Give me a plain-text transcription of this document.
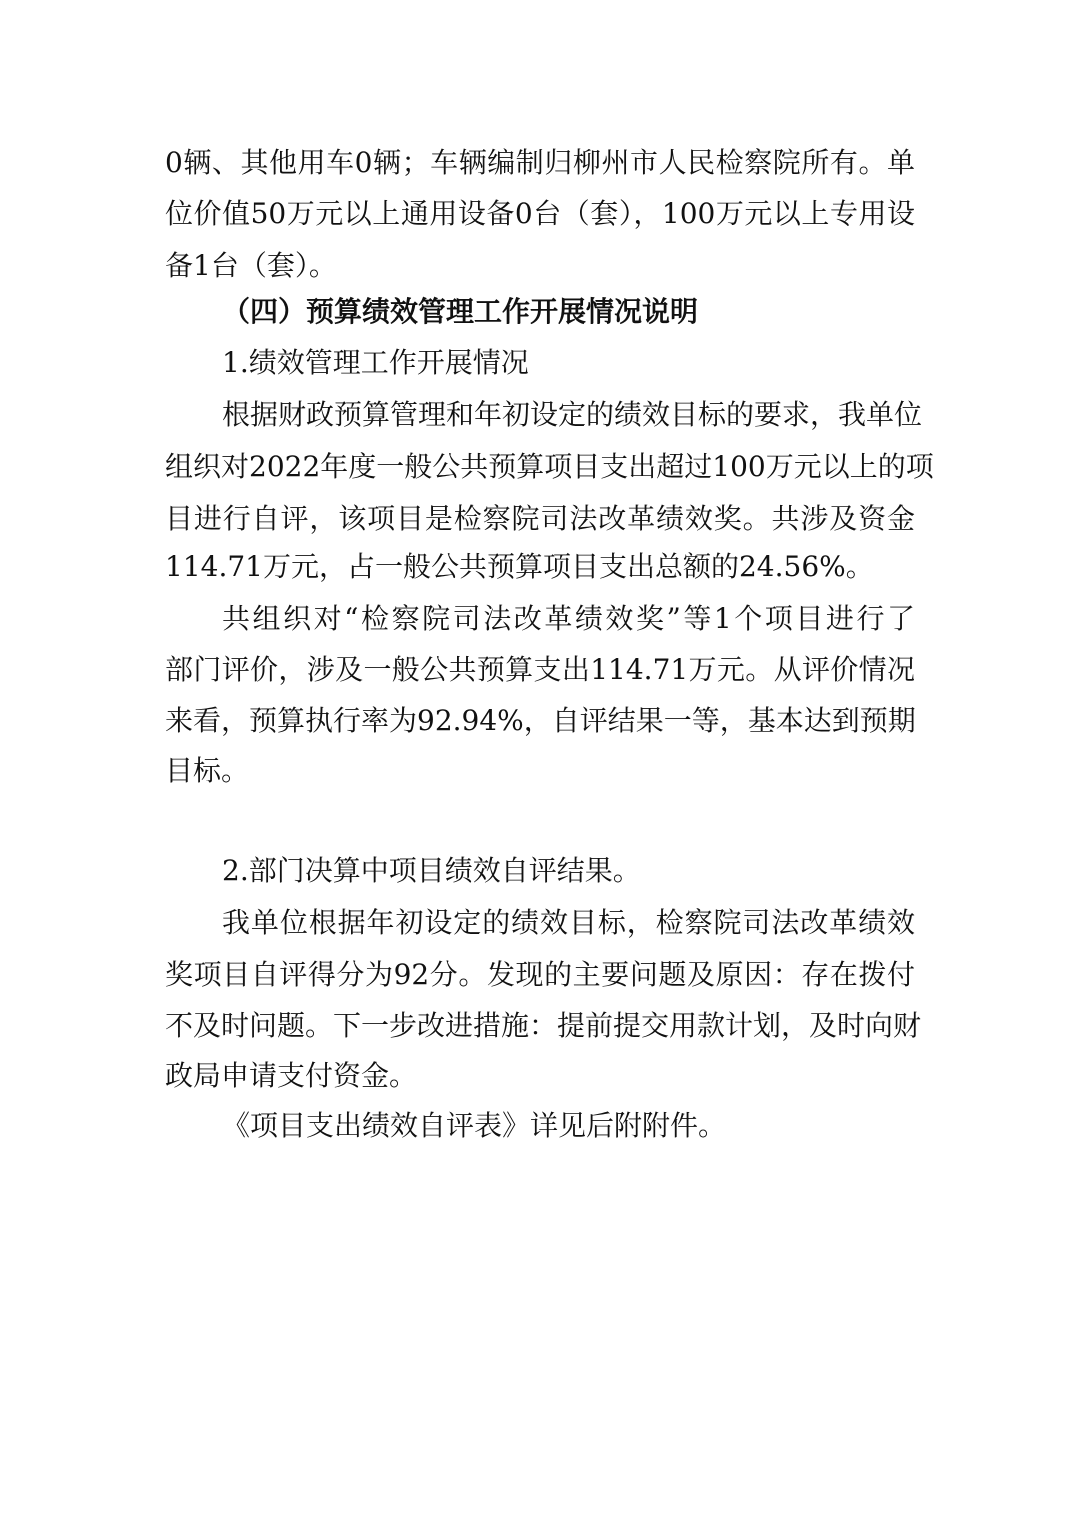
0辆、其他用车0辆；车辆编制归柳州市人民检察院所有。单
位价值50万元以上通用设备0台（套），100万元以上专用设
备1台（套）。
（四）预算绩效管理工作开展情况说明
1.绩效管理工作开展情况
根据财政预算管理和年初设定的绩效目标的要求，我单位
组织对2022年度一般公共预算项目支出超过100万元以上的项
目进行自评，该项目是检察院司法改革绩效奖。共涉及资金
114.71万元，占一般公共预算项目支出总额的24.56%。
共组织对“检察院司法改革绩效奖”等1个项目进行了
部门评价，涉及一般公共预算支出114.71万元。从评价情况
来看，预算执行率为92.94%，自评结果一等，基本达到预期
目标。
2.部门决算中项目绩效自评结果。
我单位根据年初设定的绩效目标，检察院司法改革绩效
奖项目自评得分为92分。发现的主要问题及原因：存在拨付
不及时问题。下一步改进措施：提前提交用款计划，及时向财
政局申请支付资金。
《项目支出绩效自评表》详见后附附件。
